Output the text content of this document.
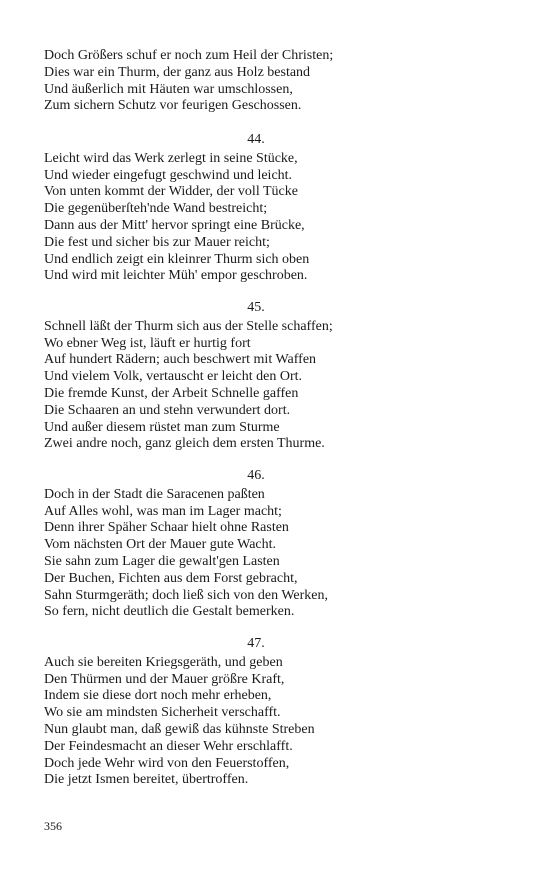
Doch Größers schuf er noch zum Heil der Christen;
Dies war ein Thurm, der ganz aus Holz bestand
Und äußerlich mit Häuten war umschlossen,
Zum sichern Schutz vor feurigen Geschossen.
44.
Leicht wird das Werk zerlegt in seine Stücke,
Und wieder eingefugt geschwind und leicht.
Von unten kommt der Widder, der voll Tücke
Die gegenüberſteh'nde Wand bestreicht;
Dann aus der Mitt' hervor springt eine Brücke,
Die fest und sicher bis zur Mauer reicht;
Und endlich zeigt ein kleinrer Thurm sich oben
Und wird mit leichter Müh' empor geschroben.
45.
Schnell läßt der Thurm sich aus der Stelle schaffen;
Wo ebner Weg ist, läuft er hurtig fort
Auf hundert Rädern; auch beschwert mit Waffen
Und vielem Volk, vertauscht er leicht den Ort.
Die fremde Kunst, der Arbeit Schnelle gaffen
Die Schaaren an und stehn verwundert dort.
Und außer diesem rüstet man zum Sturme
Zwei andre noch, ganz gleich dem ersten Thurme.
46.
Doch in der Stadt die Saracenen paßten
Auf Alles wohl, was man im Lager macht;
Denn ihrer Späher Schaar hielt ohne Rasten
Vom nächsten Ort der Mauer gute Wacht.
Sie sahn zum Lager die gewalt'gen Lasten
Der Buchen, Fichten aus dem Forst gebracht,
Sahn Sturmgeräth; doch ließ sich von den Werken,
So fern, nicht deutlich die Gestalt bemerken.
47.
Auch sie bereiten Kriegsgeräth, und geben
Den Thürmen und der Mauer größre Kraft,
Indem sie diese dort noch mehr erheben,
Wo sie am mindsten Sicherheit verschafft.
Nun glaubt man, daß gewiß das kühnste Streben
Der Feindesmacht an dieser Wehr erschlafft.
Doch jede Wehr wird von den Feuerstoffen,
Die jetzt Ismen bereitet, übertroffen.
356
